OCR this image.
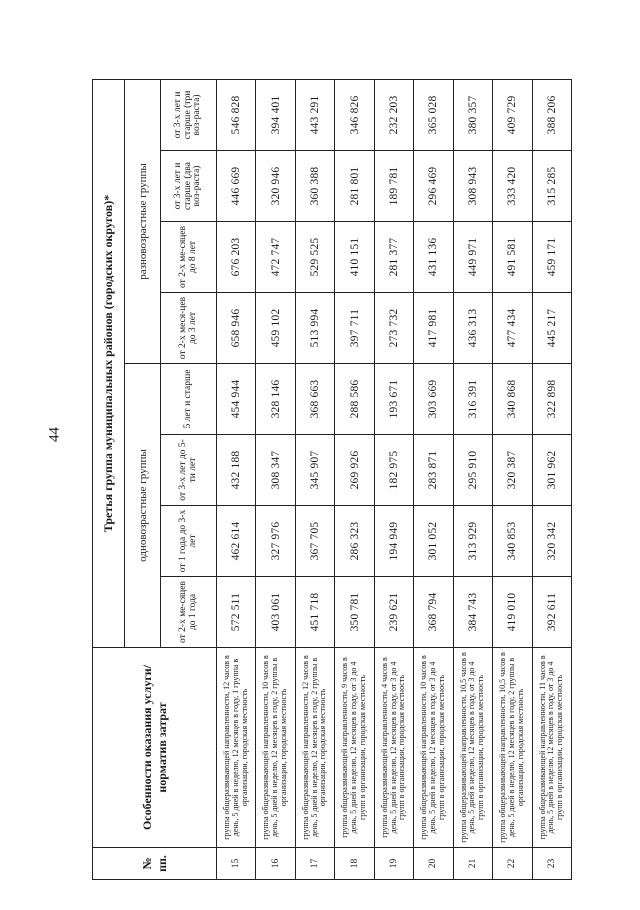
44
№ пп.	Особенности оказания услуги/норматив затрат	Третья группа муниципальных районов (городских округов)*							
		одновозрастные группы				разновозрастные группы			
		от 2-х ме-сяцев до 1 года	от 1 года до 3-х лет	от 3-х лет до 5-ти лет	5 лет и старше	от 2-х меся-цев до 3 лет	от 2-х ме-сяцев до 8 лет	от 3-х лет и старше (два воз-раста)	от 3-х лет и старше (три воз-раста)
15	группа общеразвивающей направленности, 12 часов в день, 5 дней в неделю, 12 месяцев в году, 1 группа в организации, городская местность	572 511	462 614	432 188	454 944	658 946	676 203	446 669	546 828
16	группа общеразвивающей направленности, 10 часов в день, 5 дней в неделю, 12 месяцев в году, 2 группы в организации, городская местность	403 061	327 976	308 347	328 146	459 102	472 747	320 946	394 401
17	группа общеразвивающей направленности, 12 часов в день, 5 дней в неделю, 12 месяцев в году, 2 группы в организации, городская местность	451 718	367 705	345 907	368 663	513 994	529 525	360 388	443 291
18	группа общеразвивающей направленности, 9 часов в день, 5 дней в неделю, 12 месяцев в году, от 3 до 4 групп в организации, городская местность	350 781	286 323	269 926	288 586	397 711	410 151	281 801	346 826
19	группа общеразвивающей направленности, 4 часов в день, 5 дней в неделю, 12 месяцев в году, от 3 до 4 групп в организации, городская местность	239 621	194 949	182 975	193 671	273 732	281 377	189 781	232 203
20	группа общеразвивающей направленности, 10 часов в день, 5 дней в неделю, 12 месяцев в году, от 3 до 4 групп в организации, городская местность	368 794	301 052	283 871	303 669	417 981	431 136	296 469	365 028
21	группа общеразвивающей направленности, 10,5 часов в день, 5 дней в неделю, 12 месяцев в году, от 3 до 4 групп в организации, городская местность	384 743	313 929	295 910	316 391	436 313	449 971	308 943	380 357
22	группа общеразвивающей направленности, 10,5 часов в день, 5 дней в неделю, 12 месяцев в году, 2 группы в организации, городская местность	419 010	340 853	320 387	340 868	477 434	491 581	333 420	409 729
23	группа общеразвивающей направленности, 11 часов в день, 5 дней в неделю, 12 месяцев в году, от 3 до 4 групп в организации, городская местность	392 611	320 342	301 962	322 898	445 217	459 171	315 285	388 206
